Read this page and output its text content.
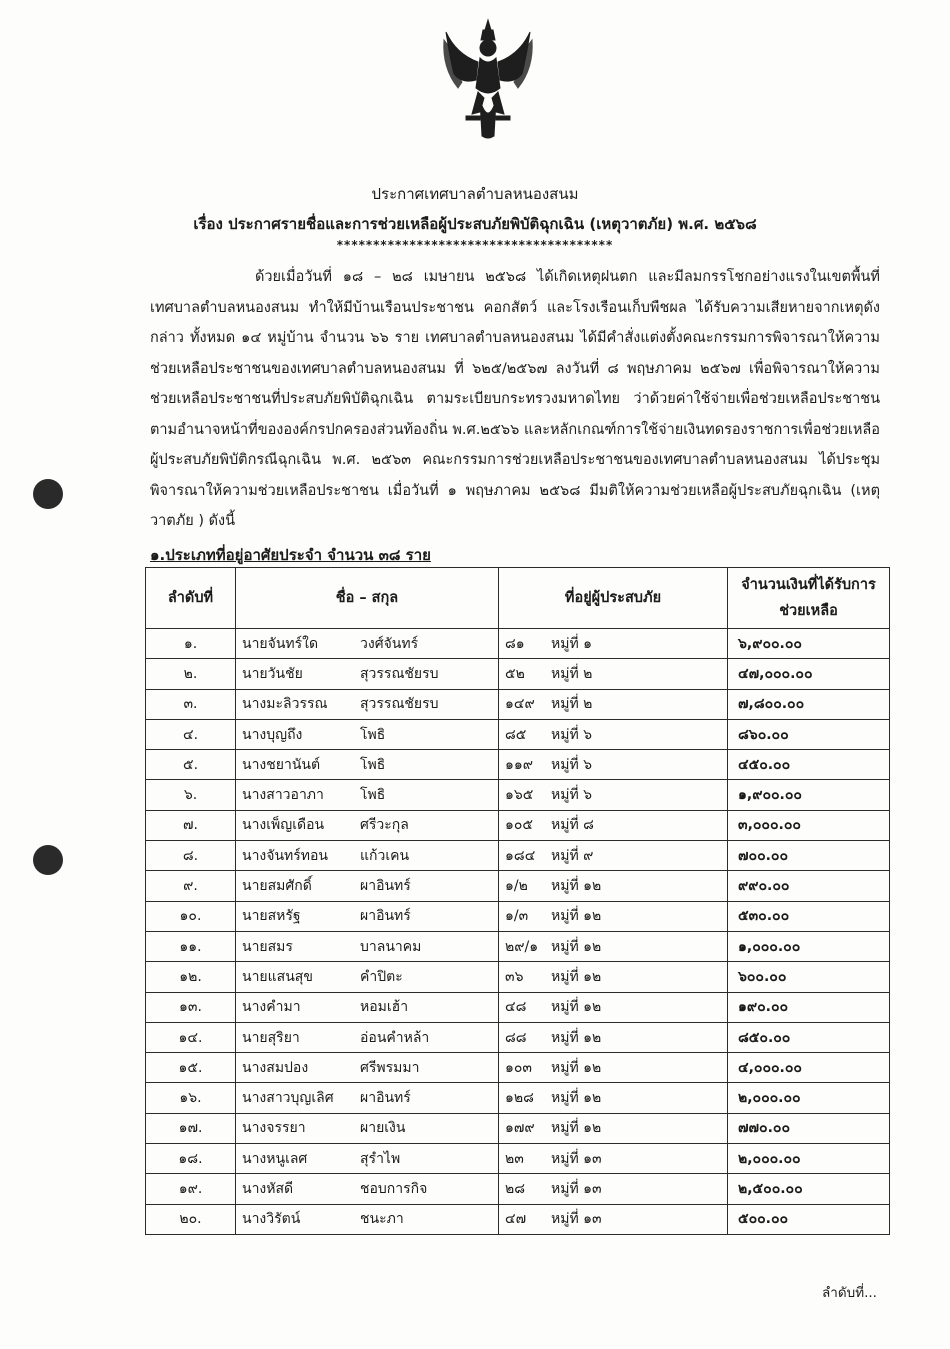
ประกาศเทศบาลตำบลหนองสนม
เรื่อง ประกาศรายชื่อและการช่วยเหลือผู้ประสบภัยพิบัติฉุกเฉิน (เหตุวาตภัย) พ.ศ. ๒๕๖๘
**************************************

ด้วยเมื่อวันที่ ๑๘ – ๒๘ เมษายน ๒๕๖๘ ได้เกิดเหตุฝนตก และมีลมกรรโชกอย่างแรงในเขตพื้นที่เทศบาลตำบลหนองสนม ทำให้มีบ้านเรือนประชาชน คอกสัตว์ และโรงเรือนเก็บพืชผล ได้รับความเสียหายจากเหตุดังกล่าว ทั้งหมด ๑๔ หมู่บ้าน จำนวน ๖๖ ราย เทศบาลตำบลหนองสนม ได้มีคำสั่งแต่งตั้งคณะกรรมการพิจารณาให้ความช่วยเหลือประชาชนของเทศบาลตำบลหนองสนม ที่ ๖๒๕/๒๕๖๗ ลงวันที่ ๘ พฤษภาคม ๒๕๖๗ เพื่อพิจารณาให้ความช่วยเหลือประชาชนที่ประสบภัยพิบัติฉุกเฉิน ตามระเบียบกระทรวงมหาดไทย ว่าด้วยค่าใช้จ่ายเพื่อช่วยเหลือประชาชนตามอำนาจหน้าที่ขององค์กรปกครองส่วนท้องถิ่น พ.ศ.๒๕๖๖ และหลักเกณฑ์การใช้จ่ายเงินทดรองราชการเพื่อช่วยเหลือผู้ประสบภัยพิบัติกรณีฉุกเฉิน พ.ศ. ๒๕๖๓ คณะกรรมการช่วยเหลือประชาชนของเทศบาลตำบลหนองสนม ได้ประชุมพิจารณาให้ความช่วยเหลือประชาชน เมื่อวันที่ ๑ พฤษภาคม ๒๕๖๘ มีมติให้ความช่วยเหลือผู้ประสบภัยฉุกเฉิน (เหตุวาตภัย ) ดังนี้

๑.ประเภทที่อยู่อาศัยประจำ จำนวน ๓๘ ราย
ลำดับที่	ชื่อ – สกุล	ที่อยู่ผู้ประสบภัย	จำนวนเงินที่ได้รับการ
ช่วยเหลือ
๑.	นายจันทร์ใด วงศ์จันทร์	๘๑ หมู่ที่ ๑	๖,๙๐๐.๐๐
๒.	นายวันชัย สุวรรณชัยรบ	๕๒ หมู่ที่ ๒	๔๗,๐๐๐.๐๐
๓.	นางมะลิวรรณ สุวรรณชัยรบ	๑๔๙ หมู่ที่ ๒	๗,๘๐๐.๐๐
๔.	นางบุญถึง โพธิ	๘๕ หมู่ที่ ๖	๘๖๐.๐๐
๕.	นางชยานันต์ โพธิ	๑๑๙ หมู่ที่ ๖	๔๕๐.๐๐
๖.	นางสาวอาภา โพธิ	๑๖๕ หมู่ที่ ๖	๑,๙๐๐.๐๐
๗.	นางเพ็ญเดือน ศรีวะกุล	๑๐๕ หมู่ที่ ๘	๓,๐๐๐.๐๐
๘.	นางจันทร์ทอน แก้วเคน	๑๘๔ หมู่ที่ ๙	๗๐๐.๐๐
๙.	นายสมศักดิ์ ผาอินทร์	๑/๒ หมู่ที่ ๑๒	๙๙๐.๐๐
๑๐.	นายสหรัฐ ผาอินทร์	๑/๓ หมู่ที่ ๑๒	๕๓๐.๐๐
๑๑.	นายสมร บาลนาคม	๒๙/๑ หมู่ที่ ๑๒	๑,๐๐๐.๐๐
๑๒.	นายแสนสุข คำปิตะ	๓๖ หมู่ที่ ๑๒	๖๐๐.๐๐
๑๓.	นางคำมา หอมเฮ้า	๔๘ หมู่ที่ ๑๒	๑๙๐.๐๐
๑๔.	นายสุริยา อ่อนคำหล้า	๘๘ หมู่ที่ ๑๒	๘๕๐.๐๐
๑๕.	นางสมปอง ศรีพรมมา	๑๐๓ หมู่ที่ ๑๒	๔,๐๐๐.๐๐
๑๖.	นางสาวบุญเลิศ ผาอินทร์	๑๒๘ หมู่ที่ ๑๒	๒,๐๐๐.๐๐
๑๗.	นางจรรยา ผายเงิน	๑๗๙ หมู่ที่ ๑๒	๗๗๐.๐๐
๑๘.	นางหนูเลศ สุรำไพ	๒๓ หมู่ที่ ๑๓	๒,๐๐๐.๐๐
๑๙.	นางหัสดี ชอบการกิจ	๒๘ หมู่ที่ ๑๓	๒,๕๐๐.๐๐
๒๐.	นางวิรัตน์ ชนะภา	๔๗ หมู่ที่ ๑๓	๕๐๐.๐๐
ลำดับที่...
